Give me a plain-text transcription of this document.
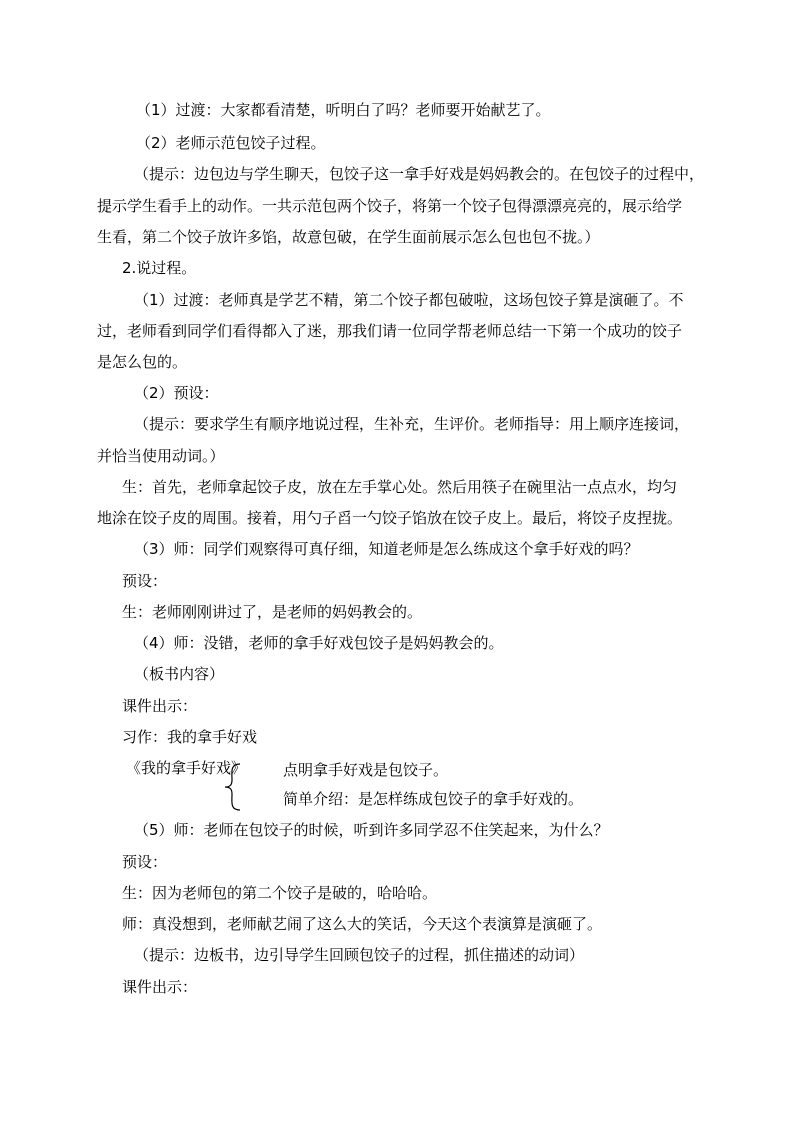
（1）过渡：大家都看清楚，听明白了吗？老师要开始献艺了。
（2）老师示范包饺子过程。
（提示：边包边与学生聊天，包饺子这一拿手好戏是妈妈教会的。在包饺子的过程中，
提示学生看手上的动作。一共示范包两个饺子，将第一个饺子包得漂漂亮亮的，展示给学
生看，第二个饺子放许多馅，故意包破，在学生面前展示怎么包也包不拢。）
2.说过程。
（1）过渡：老师真是学艺不精，第二个饺子都包破啦，这场包饺子算是演砸了。不
过，老师看到同学们看得都入了迷，那我们请一位同学帮老师总结一下第一个成功的饺子
是怎么包的。
（2）预设：
（提示：要求学生有顺序地说过程，生补充，生评价。老师指导：用上顺序连接词，
并恰当使用动词。）
生：首先，老师拿起饺子皮，放在左手掌心处。然后用筷子在碗里沾一点点水，均匀
地涂在饺子皮的周围。接着，用勺子舀一勺饺子馅放在饺子皮上。最后，将饺子皮捏拢。
（3）师：同学们观察得可真仔细，知道老师是怎么练成这个拿手好戏的吗？
预设：
生：老师刚刚讲过了，是老师的妈妈教会的。
（4）师：没错，老师的拿手好戏包饺子是妈妈教会的。
（板书内容）
课件出示：
习作：我的拿手好戏
《我的拿手好戏》 点明拿手好戏是包饺子。
简单介绍：是怎样练成包饺子的拿手好戏的。
（5）师：老师在包饺子的时候，听到许多同学忍不住笑起来，为什么？
预设：
生：因为老师包的第二个饺子是破的，哈哈哈。
师：真没想到，老师献艺闹了这么大的笑话，今天这个表演算是演砸了。
（提示：边板书，边引导学生回顾包饺子的过程，抓住描述的动词）
课件出示：
